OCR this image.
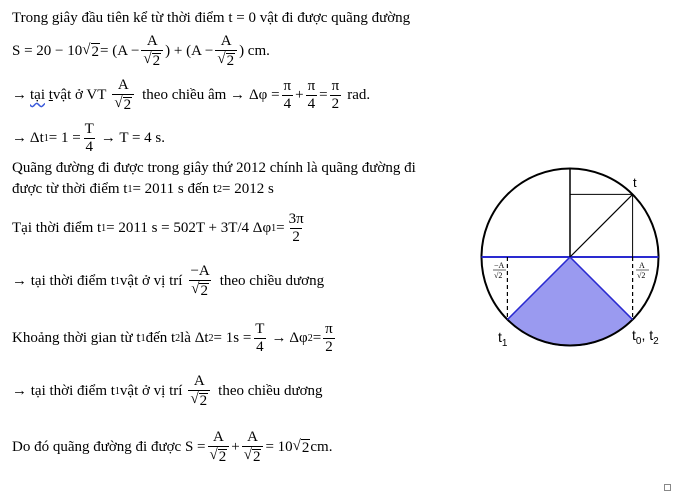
Trong giây đầu tiên kể từ thời điểm t = 0 vật đi được quãng đường
S = 20 − 10 √ $2 = (A - \frac{A}{√ 2}$ ) + ($A - \frac{A}{√ 2}$ ) cm.
→ tại
t vật ở VT $\frac{A}{√ 2}$ theo chiều âm → $\Delta\varphi = \frac{\pi}{4} + \frac{\pi}{4} = \frac{\pi}{2}$ rad.
→ Δt $1 = 1 = \frac{T}{4} \to T = 4$ s.
Quãng đường đi được trong giây thứ 2012 chính là quãng đường đi
được từ thời điểm t 1 = 2011 s đến t 2 = 2012 s
Tại thời điểm t 1 = 2011 s = 502T + 3T/4 Δφ $1 = \frac{3\pi}{2}$
→ tại thời điểm t 1 vật ở vị trí $\frac{-A}{√ 2}$ theo chiều dương
Khoảng thời gian từ t 1 đến t 2 là Δt $2 = 1s = \frac{T}{4} \to \Delta\varphi$ $2 = \frac{\pi}{2}$
→ tại thời điểm t 1 vật ở vị trí $\frac{A}{√ 2}$ theo chiều dương
Do đó quãng đường đi được $S = \frac{A}{√ 2} + \frac{A}{√ 2} = 10$ √ 2 cm.
−A
√2
A
√2
t
$t_1$
$t_0$, $t_2$
